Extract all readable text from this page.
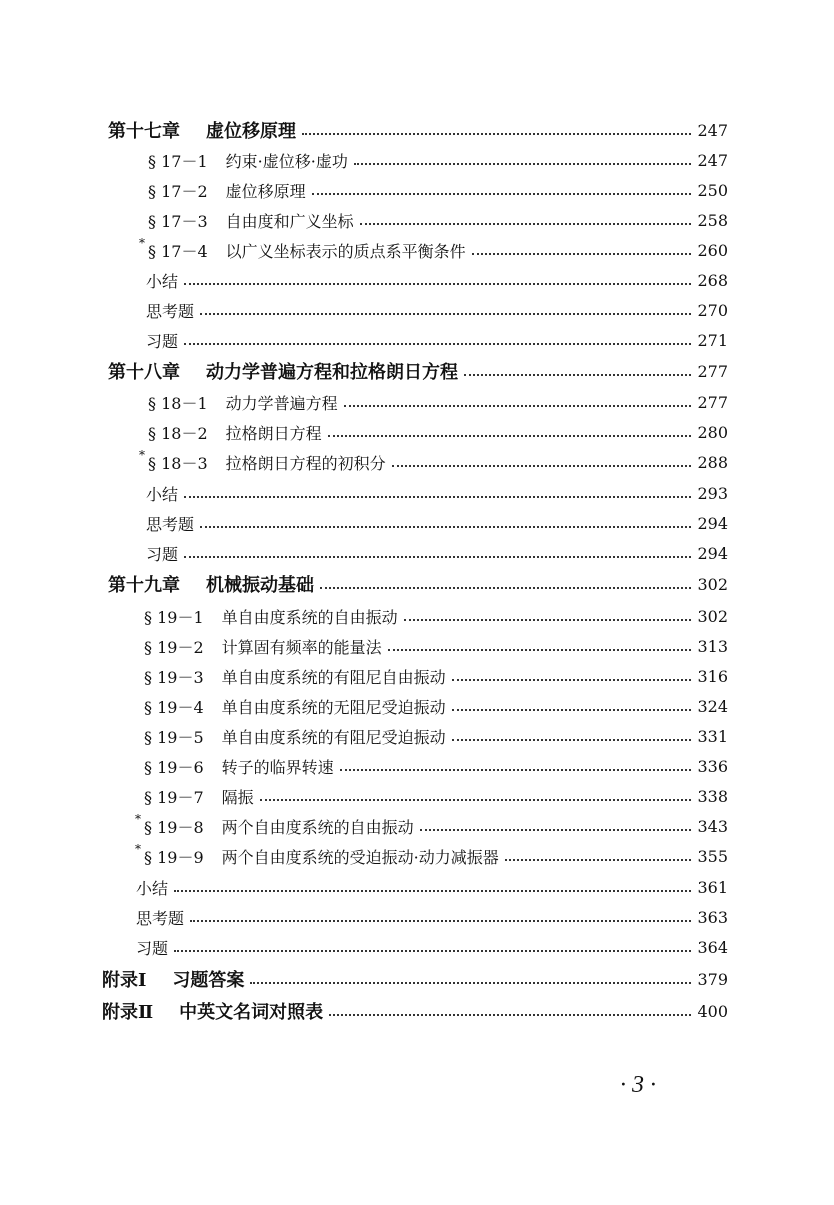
第十七章 虚位移原理	247
§ 17－1 约束·虚位移·虚功	247
§ 17－2 虚位移原理	250
§ 17－3 自由度和广义坐标	258
* § 17－4 以广义坐标表示的质点系平衡条件	260
小结	268
思考题	270
习题	271
第十八章 动力学普遍方程和拉格朗日方程	277
§ 18－1 动力学普遍方程	277
§ 18－2 拉格朗日方程	280
* § 18－3 拉格朗日方程的初积分	288
小结	293
思考题	294
习题	294
第十九章 机械振动基础	302
§ 19－1 单自由度系统的自由振动	302
§ 19－2 计算固有频率的能量法	313
§ 19－3 单自由度系统的有阻尼自由振动	316
§ 19－4 单自由度系统的无阻尼受迫振动	324
§ 19－5 单自由度系统的有阻尼受迫振动	331
§ 19－6 转子的临界转速	336
§ 19－7 隔振	338
* § 19－8 两个自由度系统的自由振动	343
* § 19－9 两个自由度系统的受迫振动·动力减振器	355
小结	361
思考题	363
习题	364
附录Ⅰ 习题答案	379
附录Ⅱ 中英文名词对照表	400
· 3 ·
